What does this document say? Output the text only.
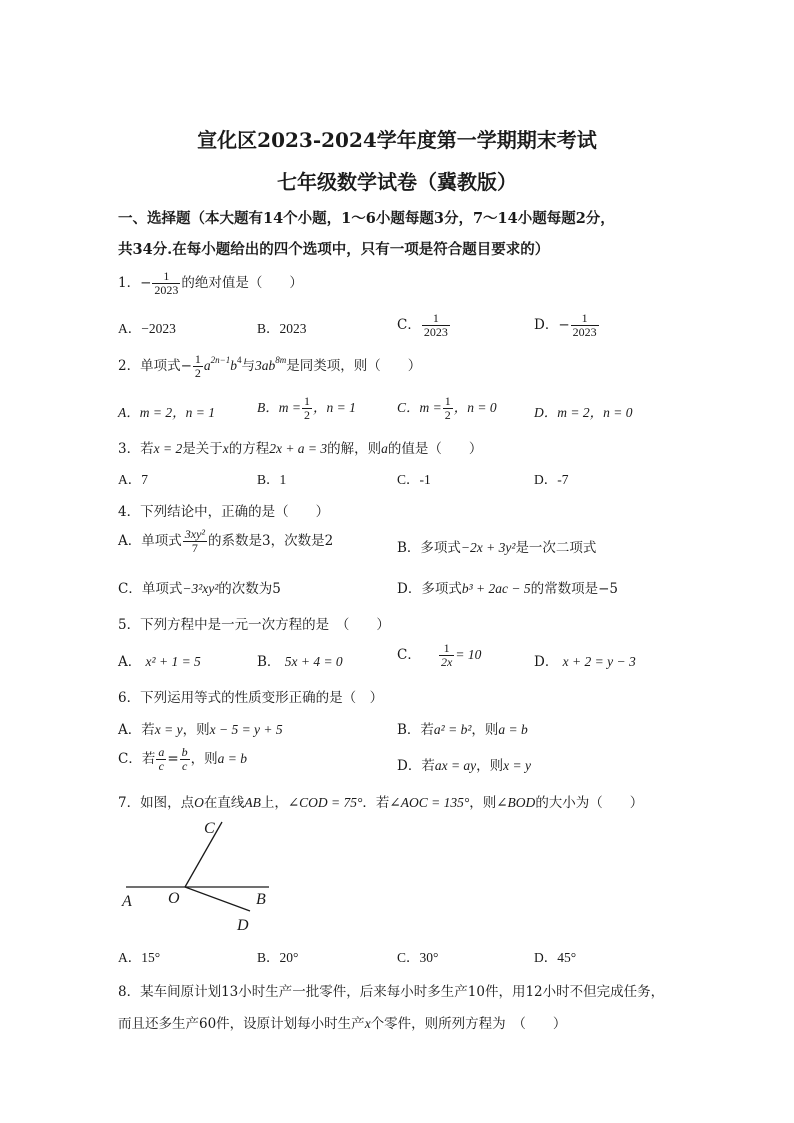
宣化区2023-2024学年度第一学期期末考试
七年级数学试卷（冀教版）
一、选择题（本大题有14个小题，1～6小题每题3分，7～14小题每题2分，
共34分.在每小题给出的四个选项中，只有一项是符合题目要求的）
1．− $\frac{1}{2023}$ 的绝对值是（　　）
A．−2023	B．2023	C． $\frac{1}{2023}$	D．− $\frac{1}{2023}$
2．单项式− $\frac{1}{2} a^{2n-1}b^4$与$3ab^{8m}$是同类项，则（　　）
A．m = 2，n = 1	B．$m = \frac{1}{2}$ ，n = 1	C．$m = \frac{1}{2}$ ，n = 0	D．m = 2，n = 0
3．若x = 2是关于x的方程2x + a = 3的解，则a的值是（　　）
A．7	B．1	C．-1	D．-7
4．下列结论中，正确的是（　　）
A．单项式 $\frac{\text{3xy²}}{7}$ 的系数是3，次数是2	B．多项式−2x + 3y²是一次二项式
C．单项式−3²xy²的次数为5	D．多项式b³ + 2ac − 5的常数项是−5
5．下列方程中是一元一次方程的是　（　　）
A． x² + 1 = 5	B． 5x + 4 = 0	C． $\frac{1}{2x} = 10$	D． x + 2 = y − 3
6．下列运用等式的性质变形正确的是（　）
A．若x = y，则x − 5 = y + 5	B．若a² = b²，则a = b
C．若 $\frac{a}{c} = \frac{b}{c}$ ，则a = b	D．若ax = ay，则x = y
7．如图，点O在直线AB上，∠COD = 75°．若∠AOC = 135°，则∠BOD的大小为（　　）
C
A O	B
D
A．15°	B．20°	C．30°	D．45°
8．某车间原计划13小时生产一批零件，后来每小时多生产10件，用12小时不但完成任务，
而且还多生产60件，设原计划每小时生产x个零件，则所列方程为　（　　）
